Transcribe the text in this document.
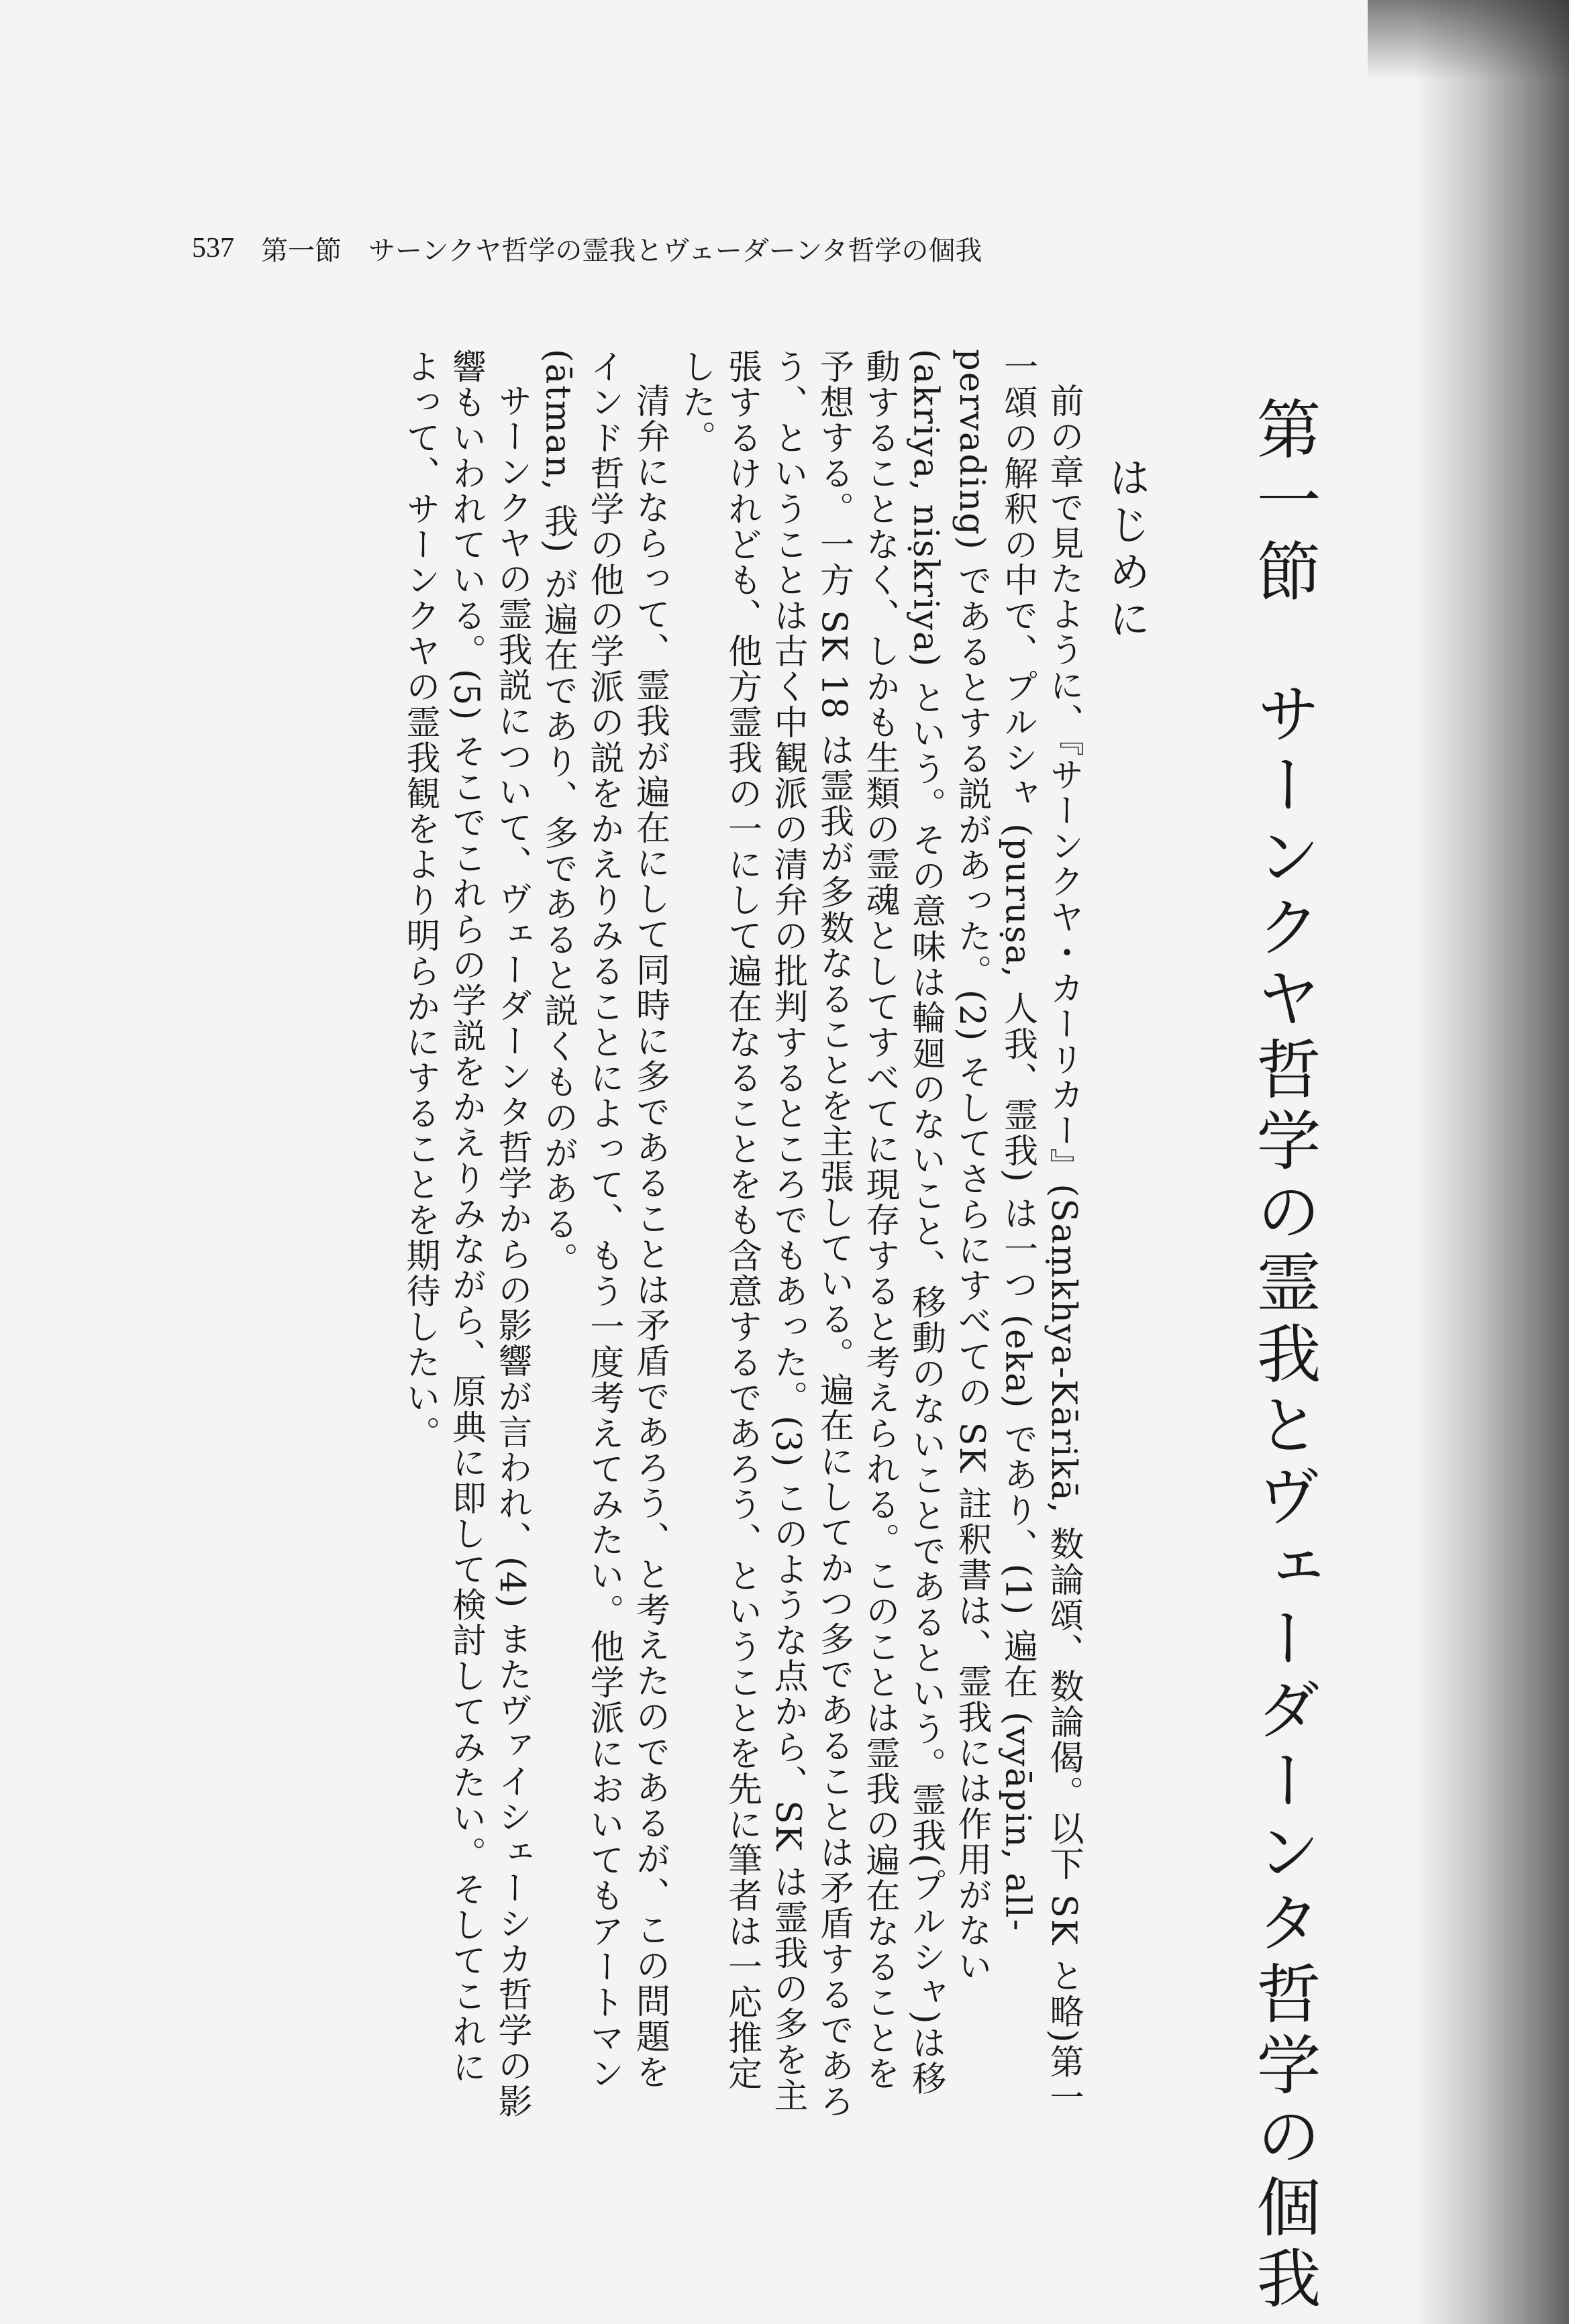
537 第一節　サーンクヤ哲学の霊我とヴェーダーンタ哲学の個我
第一節　サーンクヤ哲学の霊我とヴェーダーンタ哲学の個我
はじめに

前の章で見たように、『サーンクヤ・カーリカー』(Saṃkhya-Kārikā, 数論頌、数論偈。以下 SK と略)第一一頌の解釈の中で、プルシャ (puruṣa, 人我、霊我) は一つ (eka) であり、(1) 遍在 (vyāpin, all-pervading) であるとする説があった。(2) そしてさらにすべての SK 註釈書は、霊我には作用がない (akriya, niṣkriya) という。その意味は輪廻のないこと、移動のないことであるという。霊我(プルシャ)は移動することなく、しかも生類の霊魂としてすべてに現存すると考えられる。このことは霊我の遍在なることを予想する。一方 SK 18 は霊我が多数なることを主張している。遍在にしてかつ多であることは矛盾するであろう、ということは古く中観派の清弁の批判するところでもあった。(3) このような点から、SK は霊我の多を主張するけれども、他方霊我の一にして遍在なることをも含意するであろう、ということを先に筆者は一応推定した。

清弁にならって、霊我が遍在にして同時に多であることは矛盾であろう、と考えたのであるが、この問題をインド哲学の他の学派の説をかえりみることによって、もう一度考えてみたい。他学派においてもアートマン (ātman, 我) が遍在であり、多であると説くものがある。

サーンクヤの霊我説について、ヴェーダーンタ哲学からの影響が言われ、(4) またヴァイシェーシカ哲学の影響もいわれている。(5) そこでこれらの学説をかえりみながら、原典に即して検討してみたい。そしてこれによって、サーンクヤの霊我観をより明らかにすることを期待したい。
